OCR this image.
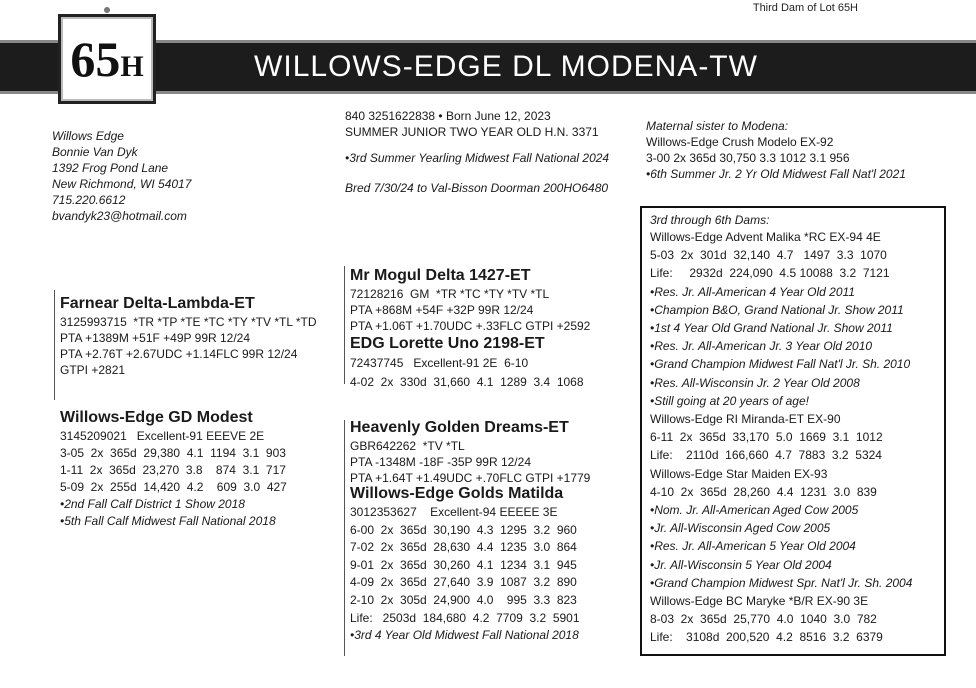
Third Dam of Lot 65H
WILLOWS-EDGE DL MODENA-TW
65H
Willows Edge
Bonnie Van Dyk
1392 Frog Pond Lane
New Richmond, WI 54017
715.220.6612
bvandyk23@hotmail.com
Farnear Delta-Lambda-ET
3125993715  *TR *TP *TE *TC *TY *TV *TL *TD
PTA +1389M +51F +49P 99R 12/24
PTA +2.76T +2.67UDC +1.14FLC 99R 12/24
GTPI +2821
Willows-Edge GD Modest
3145209021   Excellent-91 EEEVE 2E
3-05  2x  365d  29,380  4.1  1194  3.1  903
1-11  2x  365d  23,270  3.8    874  3.1  717
5-09  2x  255d  14,420  4.2    609  3.0  427
•2nd Fall Calf District 1 Show 2018
•5th Fall Calf Midwest Fall National 2018
840 3251622838 • Born June 12, 2023
SUMMER JUNIOR TWO YEAR OLD H.N. 3371
•3rd Summer Yearling Midwest Fall National 2024
Bred 7/30/24 to Val-Bisson Doorman 200HO6480
Mr Mogul Delta 1427-ET
72128216  GM  *TR *TC *TY *TV *TL
PTA +868M +54F +32P 99R 12/24
PTA +1.06T +1.70UDC +.33FLC GTPI +2592
EDG Lorette Uno 2198-ET
72437745   Excellent-91 2E  6-10
4-02  2x  330d  31,660  4.1  1289  3.4  1068
Heavenly Golden Dreams-ET
GBR642262  *TV *TL
PTA -1348M -18F -35P 99R 12/24
PTA +1.64T +1.49UDC +.70FLC GTPI +1779
Willows-Edge Golds Matilda
3012353627    Excellent-94 EEEEE 3E
6-00  2x  365d  30,190  4.3  1295  3.2  960
7-02  2x  365d  28,630  4.4  1235  3.0  864
9-01  2x  365d  30,260  4.1  1234  3.1  945
4-09  2x  365d  27,640  3.9  1087  3.2  890
2-10  2x  305d  24,900  4.0    995  3.3  823
Life:   2503d  184,680  4.2  7709  3.2  5901
•3rd 4 Year Old Midwest Fall National 2018
Maternal sister to Modena:
Willows-Edge Crush Modelo EX-92
3-00 2x 365d 30,750 3.3 1012 3.1 956
•6th Summer Jr. 2 Yr Old Midwest Fall Nat'l 2021
3rd through 6th Dams:
Willows-Edge Advent Malika *RC EX-94 4E
5-03  2x  301d  32,140  4.7   1497  3.3  1070
Life:     2932d  224,090  4.5 10088  3.2  7121
•Res. Jr. All-American 4 Year Old 2011
•Champion B&O, Grand National Jr. Show 2011
•1st 4 Year Old Grand National Jr. Show 2011
•Res. Jr. All-American Jr. 3 Year Old 2010
•Grand Champion Midwest Fall Nat'l Jr. Sh. 2010
•Res. All-Wisconsin Jr. 2 Year Old 2008
•Still going at 20 years of age!
Willows-Edge RI Miranda-ET EX-90
6-11  2x  365d  33,170  5.0  1669  3.1  1012
Life:    2110d  166,660  4.7  7883  3.2  5324
Willows-Edge Star Maiden EX-93
4-10  2x  365d  28,260  4.4  1231  3.0  839
•Nom. Jr. All-American Aged Cow 2005
•Jr. All-Wisconsin Aged Cow 2005
•Res. Jr. All-American 5 Year Old 2004
•Jr. All-Wisconsin 5 Year Old 2004
•Grand Champion Midwest Spr. Nat'l Jr. Sh. 2004
Willows-Edge BC Maryke *B/R EX-90 3E
8-03  2x  365d  25,770  4.0  1040  3.0  782
Life:    3108d  200,520  4.2  8516  3.2  6379
